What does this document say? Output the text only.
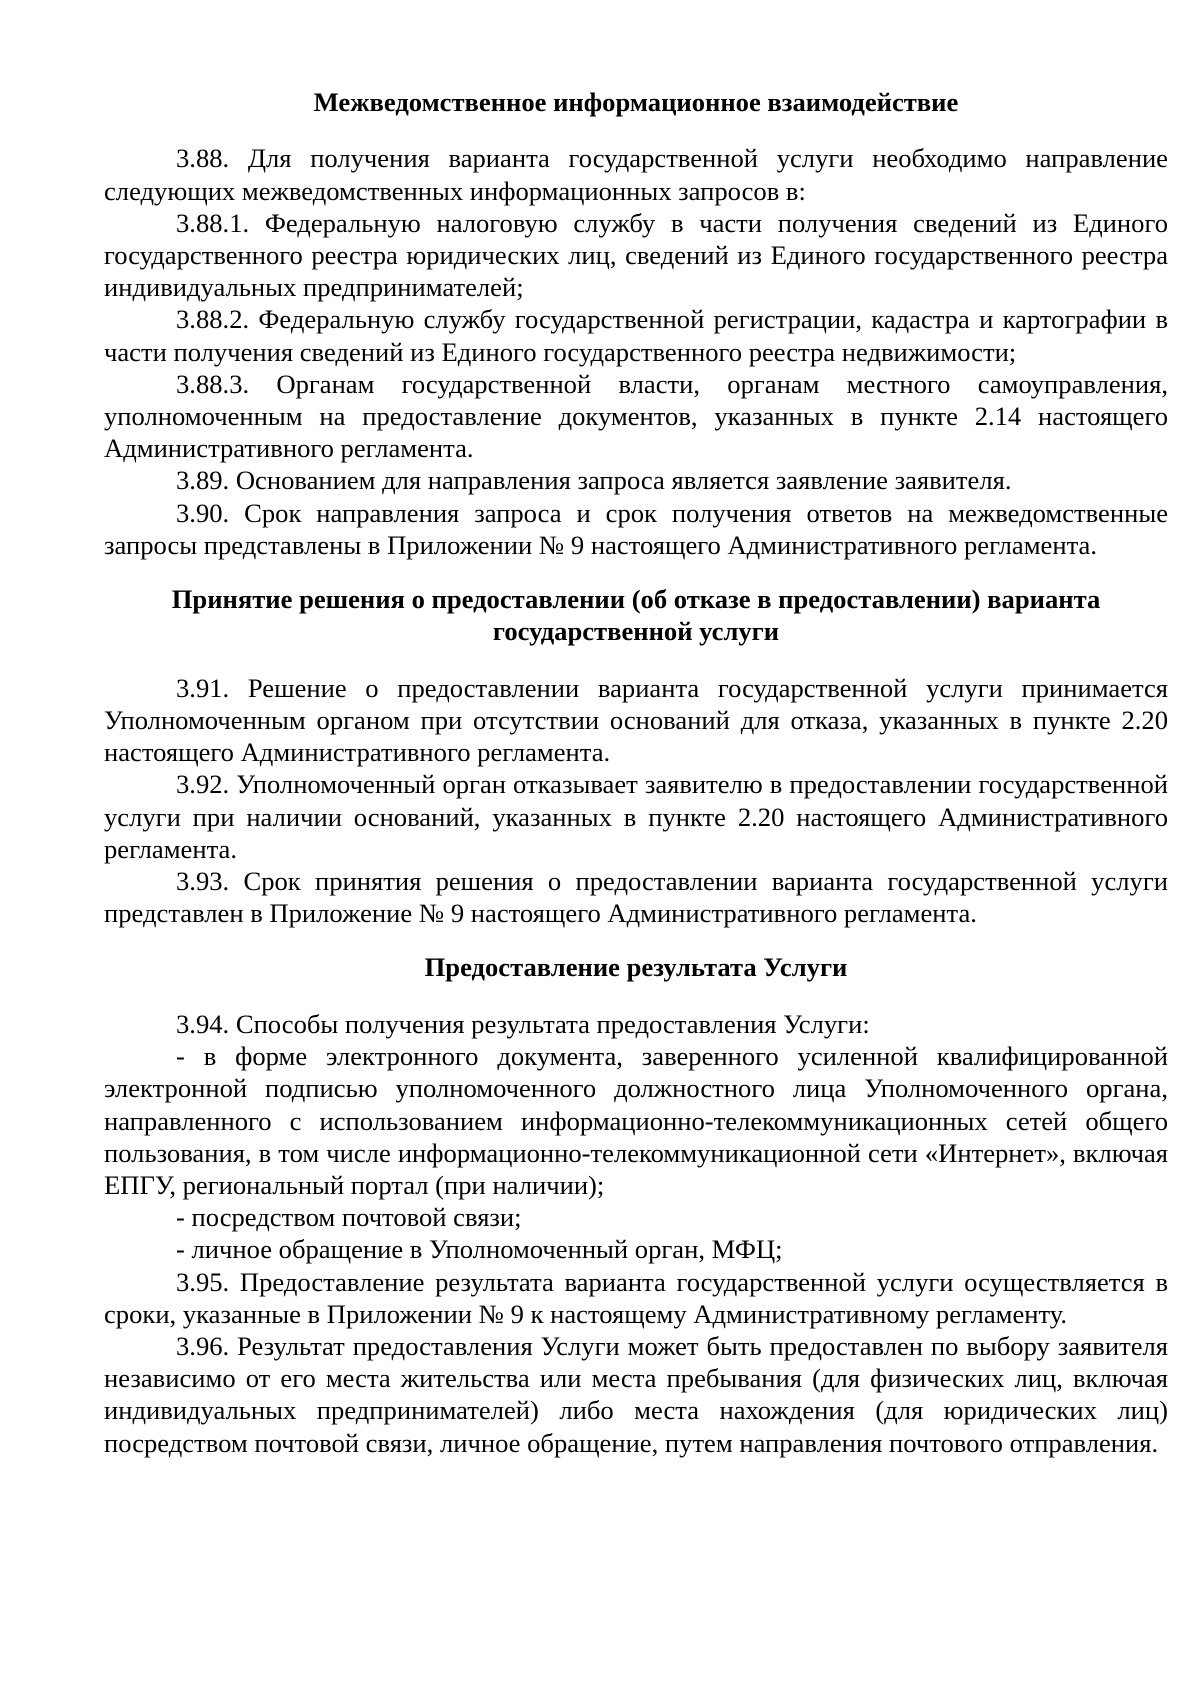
Межведомственное информационное взаимодействие

3.88. Для получения варианта государственной услуги необходимо направление следующих межведомственных информационных запросов в:

3.88.1. Федеральную налоговую службу в части получения сведений из Единого государственного реестра юридических лиц, сведений из Единого государственного реестра индивидуальных предпринимателей;

3.88.2. Федеральную службу государственной регистрации, кадастра и картографии в части получения сведений из Единого государственного реестра недвижимости;

3.88.3. Органам государственной власти, органам местного самоуправления, уполномоченным на предоставление документов, указанных в пункте 2.14 настоящего Административного регламента.

3.89. Основанием для направления запроса является заявление заявителя.

3.90. Срок направления запроса и срок получения ответов на межведомственные запросы представлены в Приложении № 9 настоящего Административного регламента.

Принятие решения о предоставлении (об отказе в предоставлении) варианта государственной услуги

3.91. Решение о предоставлении варианта государственной услуги принимается Уполномоченным органом при отсутствии оснований для отказа, указанных в пункте 2.20 настоящего Административного регламента.

3.92. Уполномоченный орган отказывает заявителю в предоставлении государственной услуги при наличии оснований, указанных в пункте 2.20 настоящего Административного регламента.

3.93. Срок принятия решения о предоставлении варианта государственной услуги представлен в Приложение № 9 настоящего Административного регламента.

Предоставление результата Услуги

3.94. Способы получения результата предоставления Услуги:

- в форме электронного документа, заверенного усиленной квалифицированной электронной подписью уполномоченного должностного лица Уполномоченного органа, направленного с использованием информационно-телекоммуникационных сетей общего пользования, в том числе информационно-телекоммуникационной сети «Интернет», включая ЕПГУ, региональный портал (при наличии);

- посредством почтовой связи;

- личное обращение в Уполномоченный орган, МФЦ;

3.95. Предоставление результата варианта государственной услуги осуществляется в сроки, указанные в Приложении № 9 к настоящему Административному регламенту.

3.96. Результат предоставления Услуги может быть предоставлен по выбору заявителя независимо от его места жительства или места пребывания (для физических лиц, включая индивидуальных предпринимателей) либо места нахождения (для юридических лиц) посредством почтовой связи, личное обращение, путем направления почтового отправления.
